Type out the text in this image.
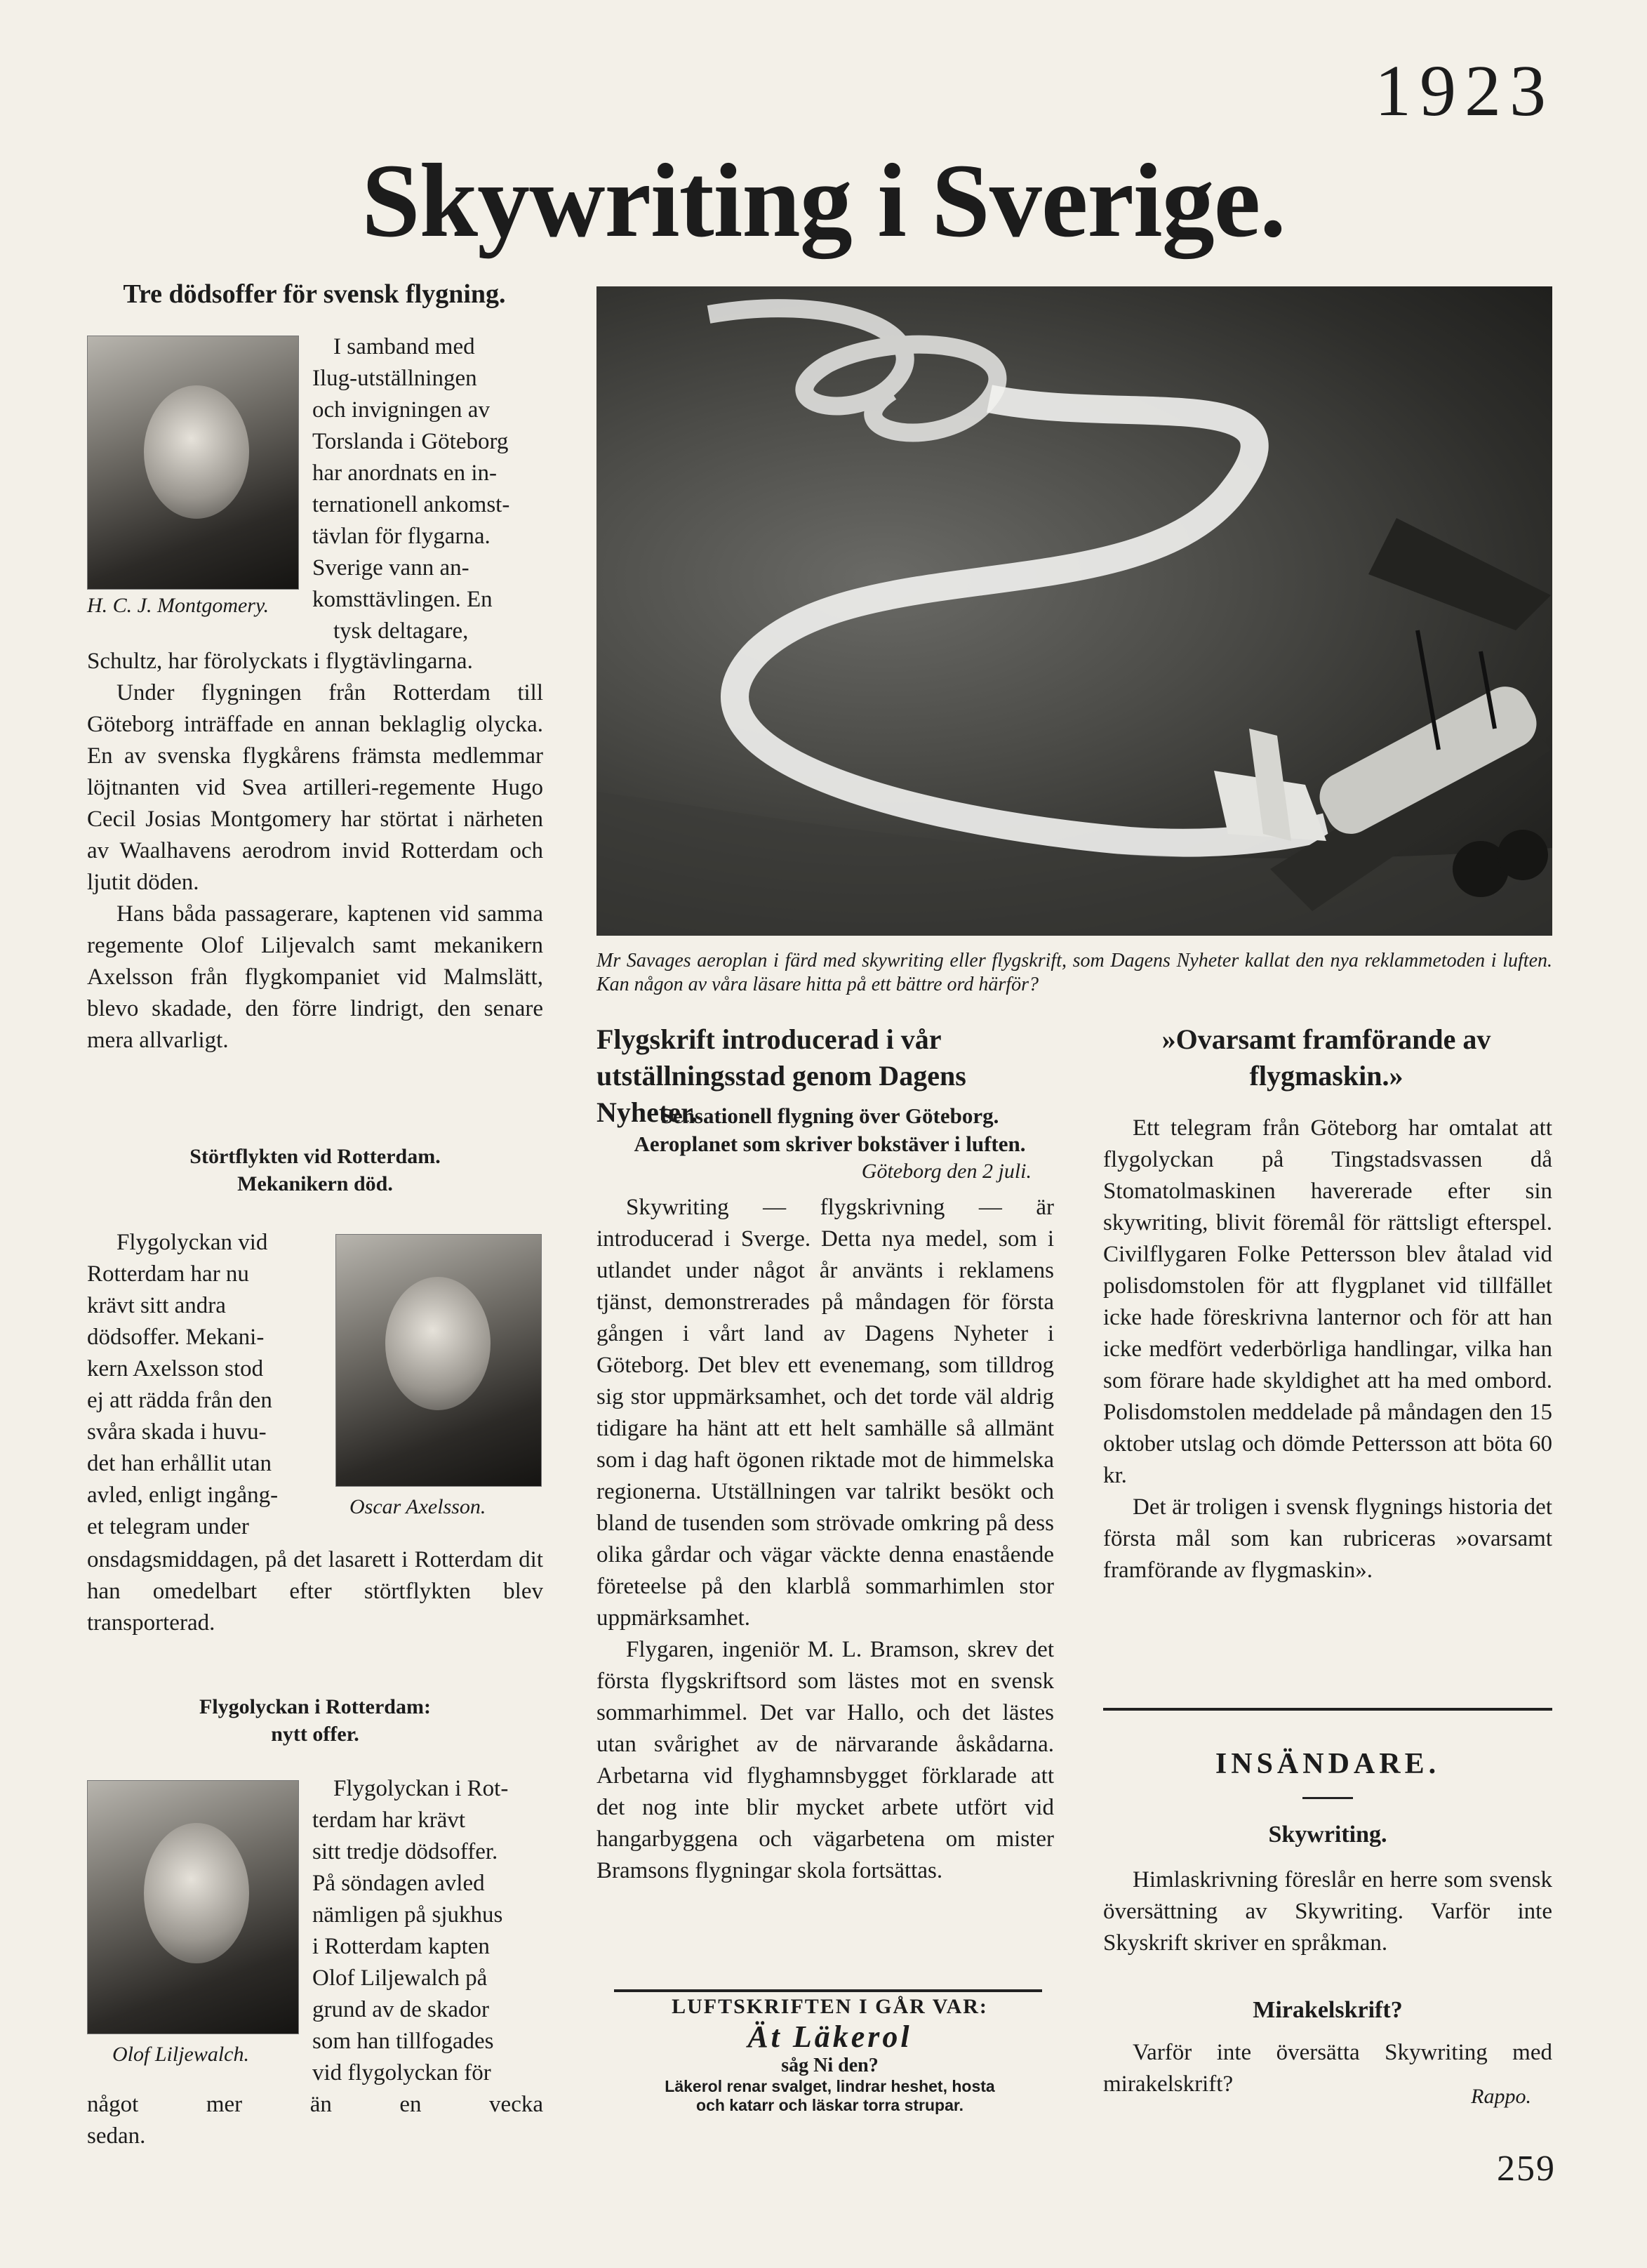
1923
Skywriting i Sverige.
Tre dödsoffer för svensk flygning.
H. C. J. Montgomery.
I samband med
Ilug-utställningen
och invigningen av
Torslanda i Göteborg
har anordnats en in-
ternationell ankomst-
tävlan för flygarna.
Sverige vann an-
komsttävlingen. En
tysk deltagare,
Schultz, har förolyckats i flygtävlingarna.

Under flygningen från Rotterdam till Göteborg inträffade en annan beklaglig olycka. En av svenska flygkårens främsta medlemmar löjtnanten vid Svea artilleri-regemente Hugo Cecil Josias Montgomery har störtat i närheten av Waalhavens aerodrom invid Rotterdam och ljutit döden.

Hans båda passagerare, kaptenen vid samma regemente Olof Liljevalch samt mekanikern Axelsson från flygkompaniet vid Malmslätt, blevo skadade, den förre lindrigt, den senare mera allvarligt.

Störtflykten vid Rotterdam.
Mekanikern död.
Flygolyckan vid
Rotterdam har nu
krävt sitt andra
dödsoffer. Mekani-
kern Axelsson stod
ej att rädda från den
svåra skada i huvu-
det han erhållit utan
avled, enligt ingång-
et telegram under
Oscar Axelsson.
onsdagsmiddagen, på det lasarett i Rotterdam dit han omedelbart efter störtflykten blev transporterad.
Flygolyckan i Rotterdam:
nytt offer.
Olof Liljewalch.
Flygolyckan i Rot-
terdam har krävt
sitt tredje dödsoffer.
På söndagen avled
nämligen på sjukhus
i Rotterdam kapten
Olof Liljewalch på
grund av de skador
som han tillfogades
vid flygolyckan för
något mer än en vecka sedan.
Mr Savages aeroplan i färd med skywriting eller flygskrift, som Dagens Nyheter kallat den nya reklammetoden i luften. Kan någon av våra läsare hitta på ett bättre ord härför?
Flygskrift introducerad i vår utställningsstad genom Dagens Nyheter.
Sensationell flygning över Göteborg.
Aeroplanet som skriver bokstäver i luften.
Göteborg den 2 juli.

Skywriting — flygskrivning — är introducerad i Sverge. Detta nya medel, som i utlandet under något år använts i reklamens tjänst, demonstrerades på måndagen för första gången i vårt land av Dagens Nyheter i Göteborg. Det blev ett evenemang, som tilldrog sig stor uppmärksamhet, och det torde väl aldrig tidigare ha hänt att ett helt samhälle så allmänt som i dag haft ögonen riktade mot de himmelska regionerna. Utställningen var talrikt besökt och bland de tusenden som strövade omkring på dess olika gårdar och vägar väckte denna enastående företeelse på den klarblå sommarhimlen stor uppmärksamhet.

Flygaren, ingeniör M. L. Bramson, skrev det första flygskriftsord som lästes mot en svensk sommarhimmel. Det var Hallo, och det lästes utan svårighet av de närvarande åskådarna. Arbetarna vid flyghamnsbygget förklarade att det nog inte blir mycket arbete utfört vid hangarbyggena och vägarbetena om mister Bramsons flygningar skola fortsättas.

LUFTSKRIFTEN I GÅR VAR:
Ät Läkerol
såg Ni den?
Läkerol renar svalget, lindrar heshet, hosta
och katarr och läskar torra strupar.
»Ovarsamt framförande av flygmaskin.»

Ett telegram från Göteborg har omtalat att flygolyckan på Tingstadsvassen då Stomatolmaskinen havererade efter sin skywriting, blivit föremål för rättsligt efterspel. Civilflygaren Folke Pettersson blev åtalad vid polisdomstolen för att flygplanet vid tillfället icke hade föreskrivna lanternor och för att han icke medfört vederbörliga handlingar, vilka han som förare hade skyldighet att ha med ombord. Polisdomstolen meddelade på måndagen den 15 oktober utslag och dömde Pettersson att böta 60 kr.

Det är troligen i svensk flygnings historia det första mål som kan rubriceras »ovarsamt framförande av flygmaskin».

INSÄNDARE.
Skywriting.

Himlaskrivning föreslår en herre som svensk översättning av Skywriting. Varför inte Skyskrift skriver en språkman.

Mirakelskrift?

Varför inte översätta Skywriting med mirakelskrift?	Rappo.
259
